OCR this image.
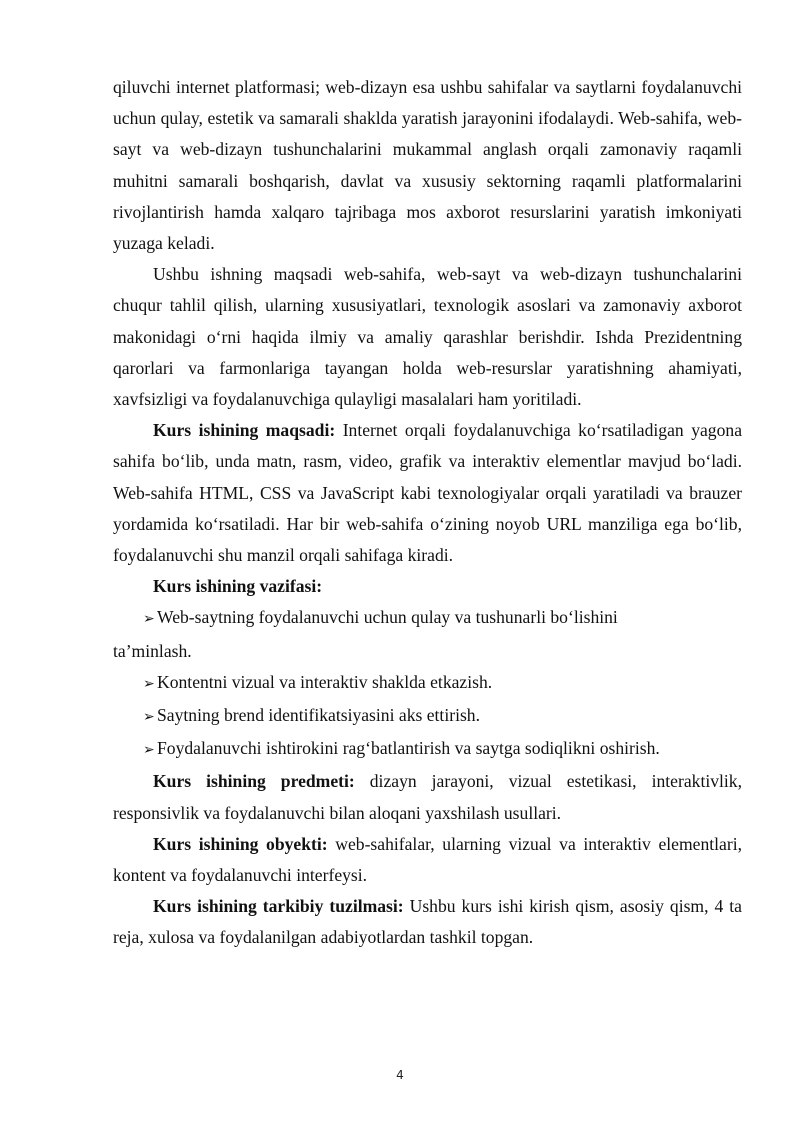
qiluvchi internet platformasi; web-dizayn esa ushbu sahifalar va saytlarni foydalanuvchi uchun qulay, estetik va samarali shaklda yaratish jarayonini ifodalaydi. Web-sahifa, web-sayt va web-dizayn tushunchalarini mukammal anglash orqali zamonaviy raqamli muhitni samarali boshqarish, davlat va xususiy sektorning raqamli platformalarini rivojlantirish hamda xalqaro tajribaga mos axborot resurslarini yaratish imkoniyati yuzaga keladi.

Ushbu ishning maqsadi web-sahifa, web-sayt va web-dizayn tushunchalarini chuqur tahlil qilish, ularning xususiyatlari, texnologik asoslari va zamonaviy axborot makonidagi o‘rni haqida ilmiy va amaliy qarashlar berishdir. Ishda Prezidentning qarorlari va farmonlariga tayangan holda web-resurslar yaratishning ahamiyati, xavfsizligi va foydalanuvchiga qulayligi masalalari ham yoritiladi.

Kurs ishining maqsadi: Internet orqali foydalanuvchiga ko‘rsatiladigan yagona sahifa bo‘lib, unda matn, rasm, video, grafik va interaktiv elementlar mavjud bo‘ladi. Web-sahifa HTML, CSS va JavaScript kabi texnologiyalar orqali yaratiladi va brauzer yordamida ko‘rsatiladi. Har bir web-sahifa o‘zining noyob URL manziliga ega bo‘lib, foydalanuvchi shu manzil orqali sahifaga kiradi.

Kurs ishining vazifasi:

➢ Web-saytning foydalanuvchi uchun qulay va tushunarli bo‘lishini

ta’minlash.

➢ Kontentni vizual va interaktiv shaklda etkazish.

➢ Saytning brend identifikatsiyasini aks ettirish.

➢ Foydalanuvchi ishtirokini rag‘batlantirish va saytga sodiqlikni oshirish.

Kurs ishining predmeti: dizayn jarayoni, vizual estetikasi, interaktivlik, responsivlik va foydalanuvchi bilan aloqani yaxshilash usullari.

Kurs ishining obyekti: web-sahifalar, ularning vizual va interaktiv elementlari, kontent va foydalanuvchi interfeysi.

Kurs ishining tarkibiy tuzilmasi: Ushbu kurs ishi kirish qism, asosiy qism, 4 ta reja, xulosa va foydalanilgan adabiyotlardan tashkil topgan.

4
